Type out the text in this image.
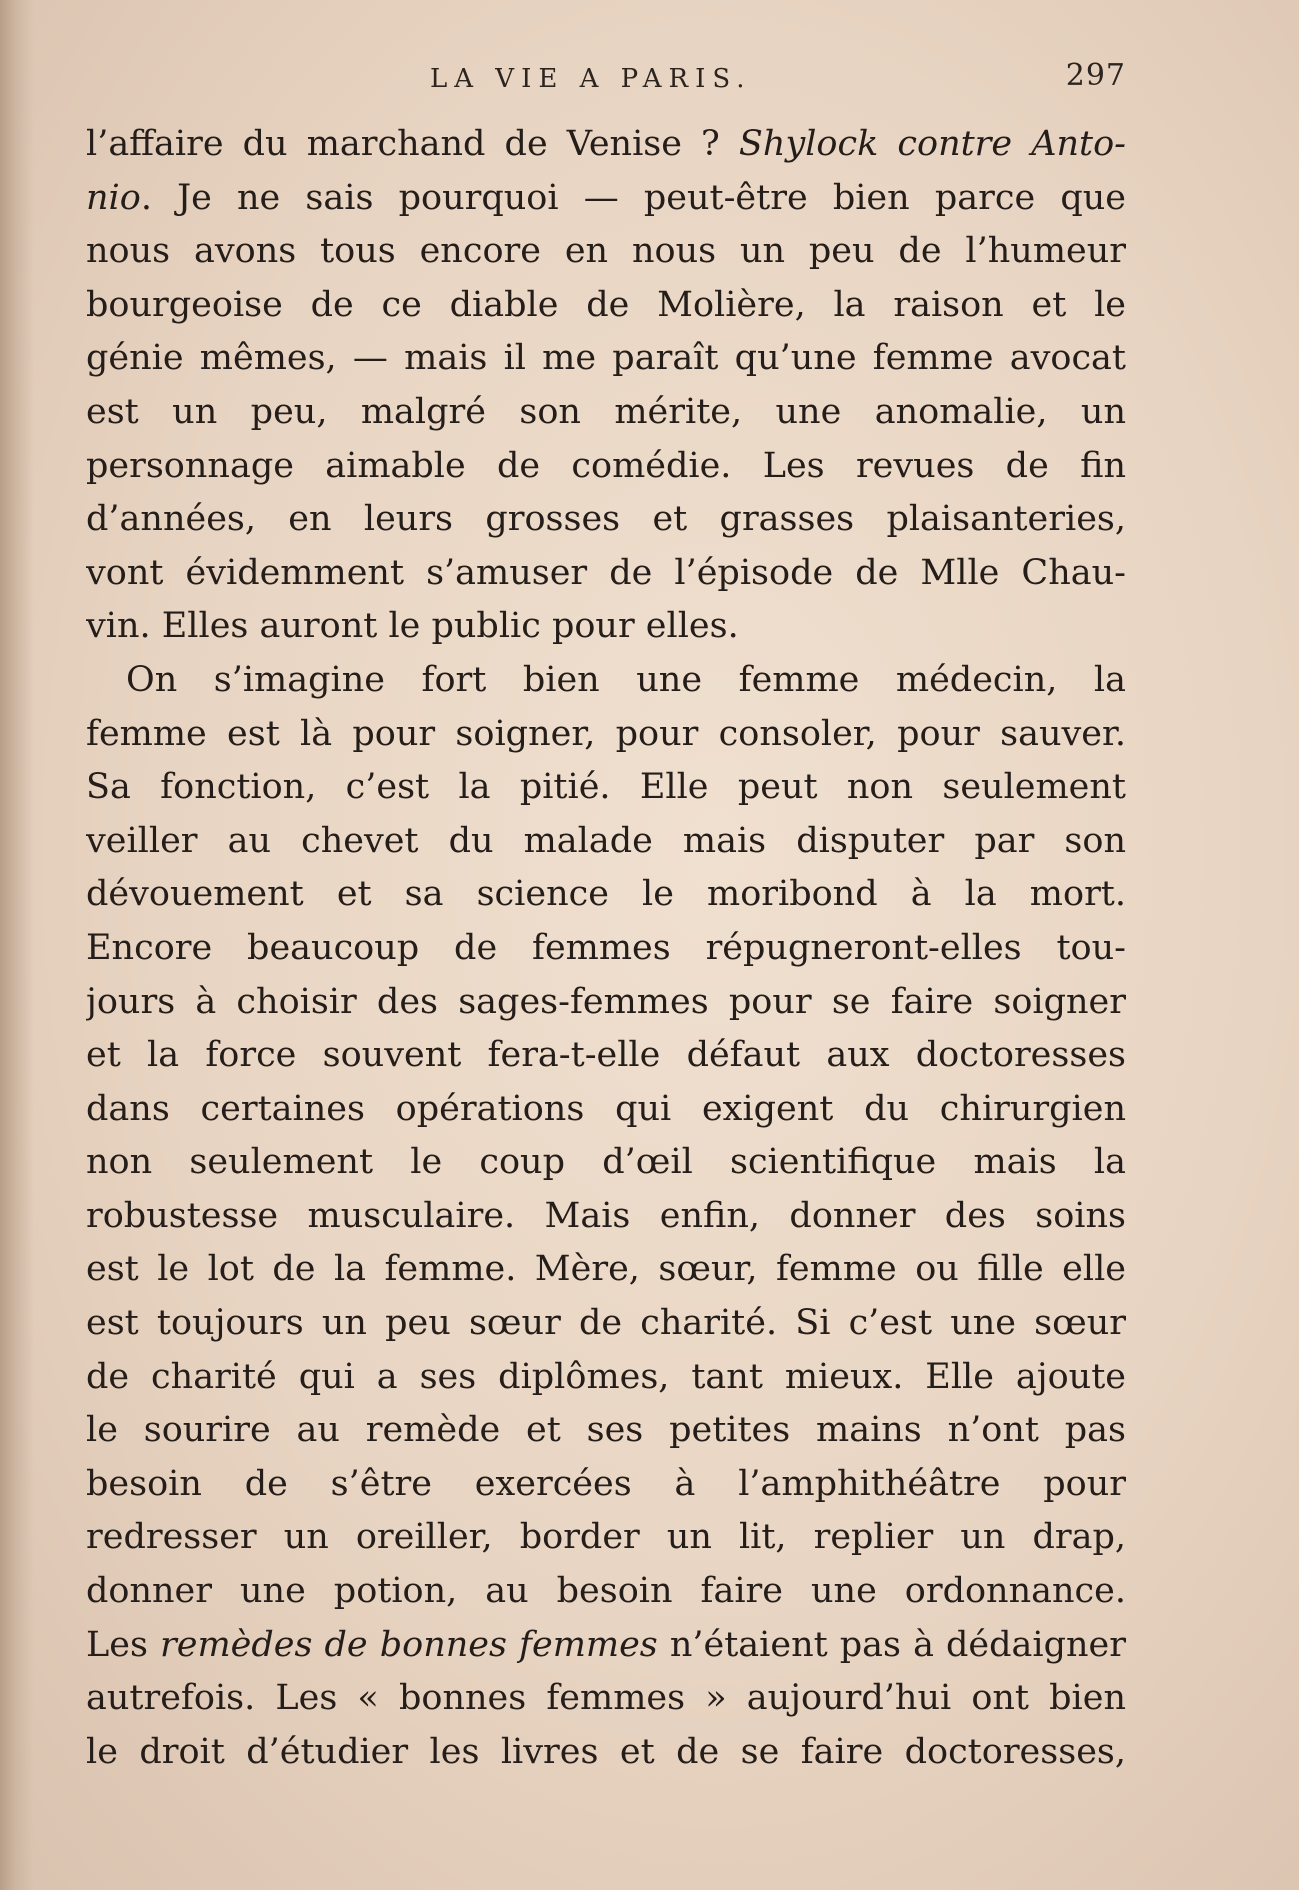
LA VIE A PARIS.	297
l’affaire du marchand de Venise ? Shylock contre Anto-
nio. Je ne sais pourquoi — peut-être bien parce que
nous avons tous encore en nous un peu de l’humeur
bourgeoise de ce diable de Molière, la raison et le
génie mêmes, — mais il me paraît qu’une femme avocat
est un peu, malgré son mérite, une anomalie, un
personnage aimable de comédie. Les revues de fin
d’années, en leurs grosses et grasses plaisanteries,
vont évidemment s’amuser de l’épisode de Mlle Chau-
vin. Elles auront le public pour elles.
On s’imagine fort bien une femme médecin, la
femme est là pour soigner, pour consoler, pour sauver.
Sa fonction, c’est la pitié. Elle peut non seulement
veiller au chevet du malade mais disputer par son
dévouement et sa science le moribond à la mort.
Encore beaucoup de femmes répugneront-elles tou-
jours à choisir des sages-femmes pour se faire soigner
et la force souvent fera-t-elle défaut aux doctoresses
dans certaines opérations qui exigent du chirurgien
non seulement le coup d’œil scientifique mais la
robustesse musculaire. Mais enfin, donner des soins
est le lot de la femme. Mère, sœur, femme ou fille elle
est toujours un peu sœur de charité. Si c’est une sœur
de charité qui a ses diplômes, tant mieux. Elle ajoute
le sourire au remède et ses petites mains n’ont pas
besoin de s’être exercées à l’amphithéâtre pour
redresser un oreiller, border un lit, replier un drap,
donner une potion, au besoin faire une ordonnance.
Les remèdes de bonnes femmes n’étaient pas à dédaigner
autrefois. Les « bonnes femmes » aujourd’hui ont bien
le droit d’étudier les livres et de se faire doctoresses,
